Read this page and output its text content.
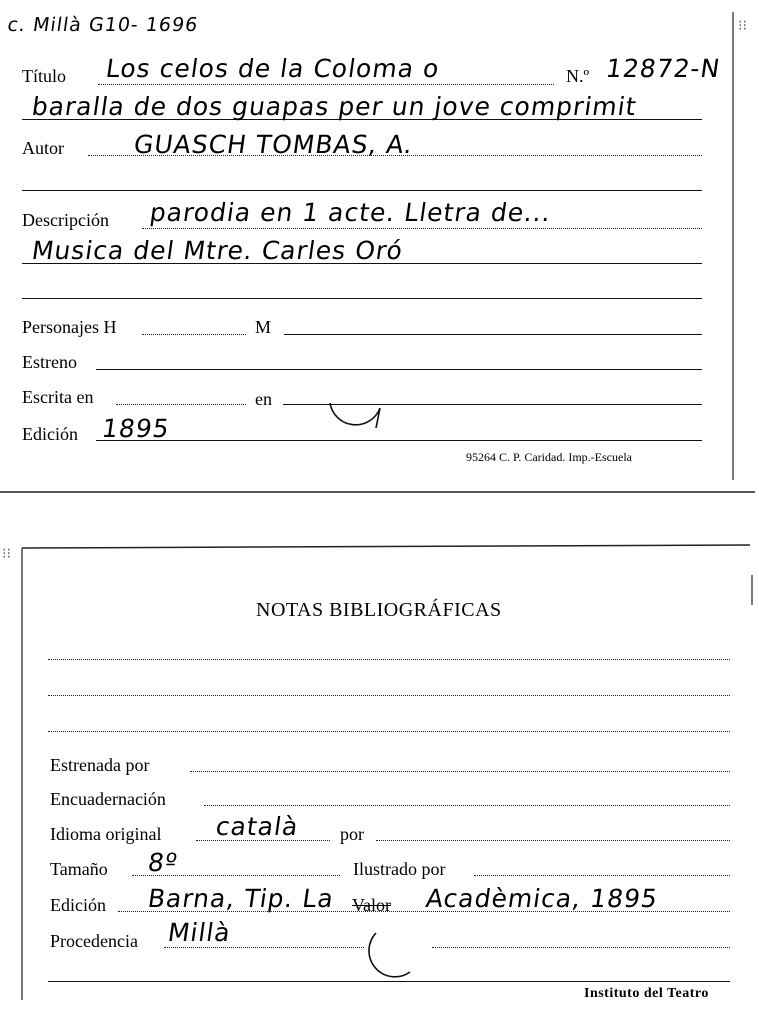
⁝⁝
⁝⁝
c. Millà G10- 1696
Título Los celos de la Coloma o	N.º 12872-N
baralla de dos guapas per un jove comprimit
Autor	GUASCH TOMBAS, A.
Descripción parodia en 1 acte. Lletra de...
Musica del Mtre. Carles Oró
Personajes H	M
Estreno
Escrita en	en
Edición 1895
95264 C. P. Caridad. Imp.-Escuela
NOTAS BIBLIOGRÁFICAS
Estrenada por
Encuadernación
Idioma original català por
Tamaño 8º	Ilustrado por
Edición Barna, Tip. La Valor Acadèmica, 1895
Procedencia Millà
Instituto del Teatro
